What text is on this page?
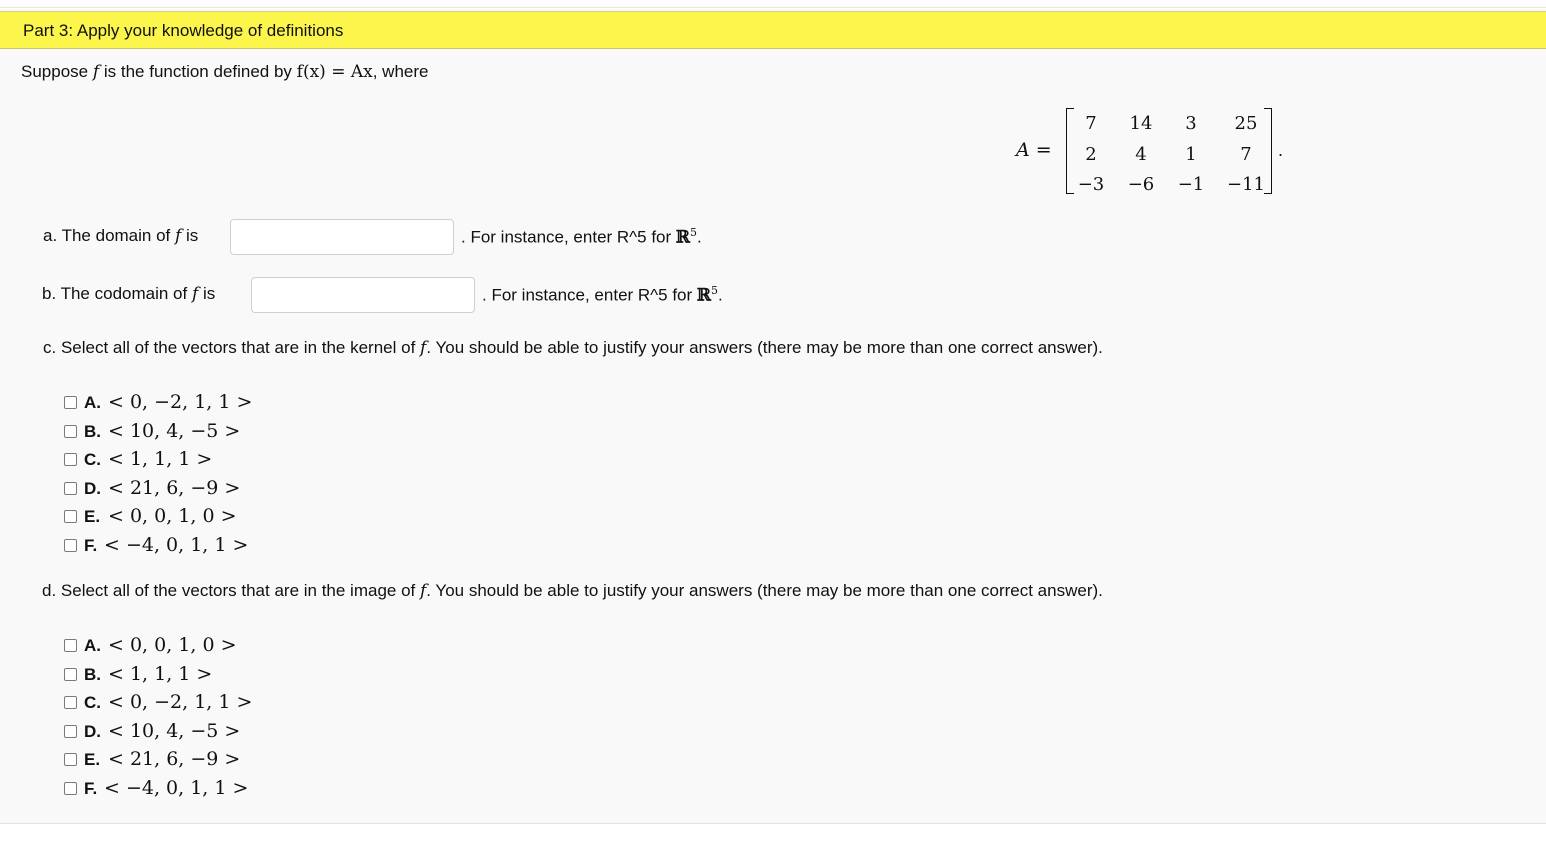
Part 3: Apply your knowledge of definitions
Suppose f is the function defined by f(x) = Ax, where
A =
7	14	3	25
2	4	1	7
−3	−6	−1	−11
.
a. The domain of f is	. For instance, enter R^5 for ℝ$^5$.
b. The codomain of f is	. For instance, enter R^5 for ℝ$^5$.
c. Select all of the vectors that are in the kernel of f. You should be able to justify your answers (there may be more than one correct answer).
A. < 0, −2, 1, 1 >
B. < 10, 4, −5 >
C. < 1, 1, 1 >
D. < 21, 6, −9 >
E. < 0, 0, 1, 0 >
F. < −4, 0, 1, 1 >
d. Select all of the vectors that are in the image of f. You should be able to justify your answers (there may be more than one correct answer).
A. < 0, 0, 1, 0 >
B. < 1, 1, 1 >
C. < 0, −2, 1, 1 >
D. < 10, 4, −5 >
E. < 21, 6, −9 >
F. < −4, 0, 1, 1 >
